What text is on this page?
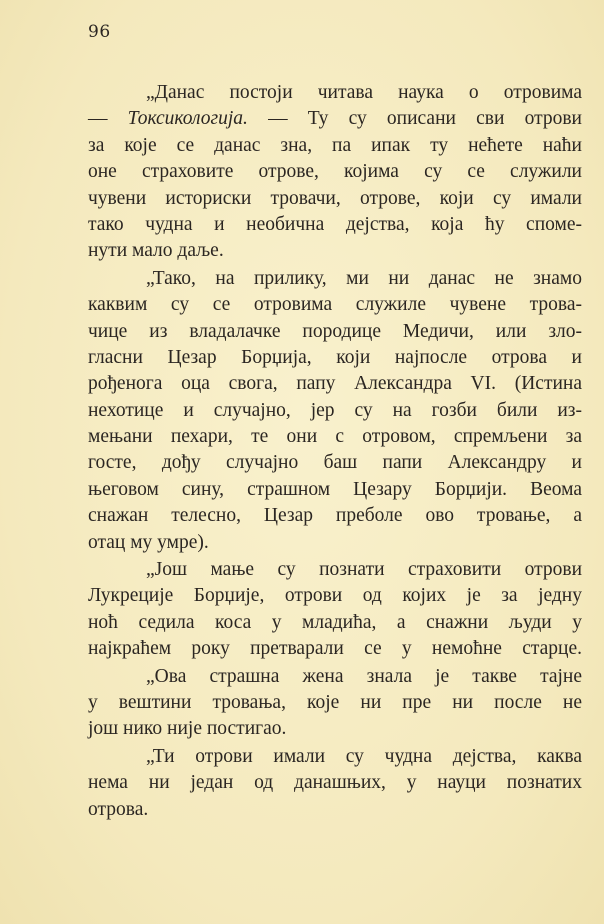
96
„Данас постоји читава наука о отровима
— Токсикологија. — Ту су описани сви отрови
за које се данас зна, па ипак ту нећете наћи
оне страховите отрове, којима су се служили
чувени историски тровачи, отрове, који су имали
тако чудна и необична дејства, која ћу споме-
нути мало даље.
„Тако, на прилику, ми ни данас не знамо
каквим су се отровима служиле чувене трова-
чице из владалачке породице Медичи, или зло-
гласни Цезар Борџија, који најпосле отрова и
рођенога оца свога, папу Александра VI. (Истина
нехотице и случајно, јер су на гозби били из-
мењани пехари, те они с отровом, спремљени за
госте, дођу случајно баш папи Александру и
његовом сину, страшном Цезару Борџији. Веома
снажан телесно, Цезар преболе ово тровање, а
отац му умре).
„Још мање су познати страховити отрови
Лукреције Борџије, отрови од којих је за једну
ноћ седила коса у младића, а снажни људи у
најкраћем року претварали се у немоћне старце.
„Ова страшна жена знала је такве тајне
у вештини тровања, које ни пре ни после не
још нико није постигао.
„Ти отрови имали су чудна дејства, каква
нема ни један од данашњих, у науци познатих
отрова.
